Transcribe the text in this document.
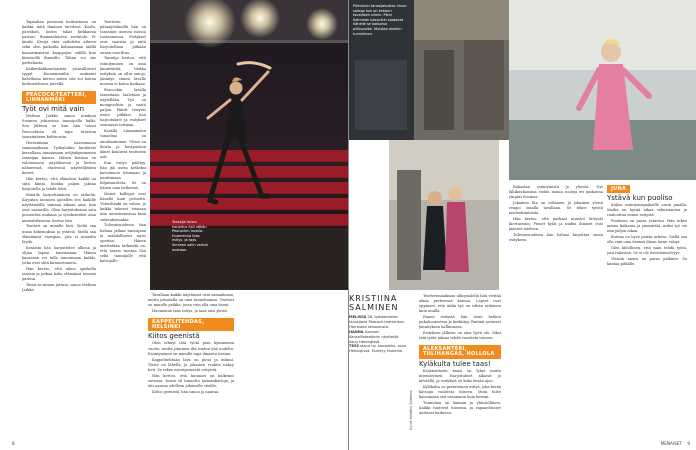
Tapanilan pienessä keskustassa on kaikki, mitä ihminen tarvitsee. Koulu, päiväkoti, lasten takat kirkkaena parturi, tbaimanlaisten ravintola. R-kioski. Kivoja ekta vaihdettu arkeen sekä olen paikoilla kohtaamaan täällä kamarimaisten kauppojen välillä kun kiireisellä ihmisille. Tähän voi siis perhelaista.

Kaikenkukkarolaisista ystävällisesti tyypit Kiuomineniltä asukaset kahvilassa kertoo miten sitä voi hoitaa keskusteluissa järvellä.

PEACOCK-TEATTERI, LINNANMÄKI
Työt ovi mitä vain

Melissa Jarkko sanoo niinkuin Suomen johtavissa tanssijoilla kulki. Sen jälkeen se kun hän tanssi Peacockissa oli tapa tutustua tanssitaiteen kulttuuriin.

Hertantiana kasvamassa samaanaikaan. Työkaluihin kuuluivat kerrallaan tanssimaan neljänkymmenen tanssijan kanssa. Hänen kotinsa on valotoisessa näytöksessä ja kertoo nähneensä eturivissä näyttelijöiden ilmeet.

Hän kertoo, että elämässä kaikki on siitä kiinni, kuinka paljon jaksaa harjoitella ja tehdä töitä.

Minulle harjoittaminen on tärkeää. Kirjoitan tanssien ajatellen sen kaikille näyttämöillä samaan aikaan aina, kun ovat saatavilla. Olen harjoituksissa sata prosenttia mukana ja työskentelen aina ammattilaisena, kertoo hän.

Teatteri on minulle koti. Sieltä saa uusia kokemuksia ja ystäviä. Sieltä saa elämäänsä energiaa, jota ei muualta löydä.

Kesäisin hän harjoittelee ulkona ja ohjaa lapsia tanssimaan. Hänen kanssaan voi tulla tanssimaan kaikki, jotka ovat siitä kiinnostuneita.

Hän kertoo, että aikoo opiskella tanssia ja jatkaa koko elämänsä tanssin parissa.

Tämä on minun juttuni, sanoo Melissa Jarkko.

Tanssija Irinan harjoitus Sali vähän Peacockin lavalla. Huomenna taas esitys, ja taas ihminen salin verhot avataan.

Tavallaan kaikki näyttämöt ovat samanlaisia, mutta jokaisella on oma tunnelmansa. Teatteri on minulle paikka, jossa voin olla oma itseni.

Huomenna taas esitys, ja taas uusi yleisö.

KAPPELITEHDAS, HELSINKI
Kiitos geenistä

Olen tehnyt tätä työtä pian kymmenen vuotta, mutta jokainen ilta tuntuu yhä uudelta. Esiintyminen on minulle tapa ilmaista itseäni.

Kappelitehtaan lava on pieni ja intiimi. Yleisö on lähellä, ja jokainen reaktio näkyy heti. Se tekee esiintymisestä erityistä.

Hän kertoo, että huumori on kulkenut suvussa. Isoisä oli tunnettu tarinankertoja, ja äiti nauraa edelleen jokaiselle vitsille.

Kiitos geenistä, hän sanoo ja nauraa.

Teatterin päänäyttämöllä hän on tanssinut useissa isoissa tuotannoissa. Esitykset ovat vaativia ja niitä harjoitellaan pitkään ennen ensi-iltaa.

Tanssija kertoo, että esiintyminen on aina jännittävää. Vaikka esityksiä on ollut satoja, jännitys ennen lavalle nousua ei katoa koskaan.

Peacockin lavalla tanssitaan, lauletaan ja näytellään. Työ on monipuolista ja vaatii paljon. Päivät venyvät usein pitkiksi, kun harjoitukset ja esitykset seuraavat toisiaan.

Kesällä Linnanmäen tunnelma on ainutlaatuinen. Yleisö on iloista ja huvipuiston äänet kuuluvat teatteriin asti.

Kun esitys päättyy, hän jää usein hetkeksi katsomoon istumaan ja nauttimaan hiljaisuudesta. Se on hänen oma hetkensä.

Monet kollegat ovat hänelle kuin perhettä. Yhteishenki on vahva, ja kaikki tukevat toisiaan niin onnistumisissa kuin vaikeuksissakin.

Tulevaisuudessa hän haluaa jatkaa tanssijana ja mahdollisesti myös opettaa. Hänen mielestään tärkeintä on, että tanssi tuottaa iloa sekä tanssijalle että katsojalle.

8
Pikkuinen tanssijakuikka Irinan salissa kun on entisen tavallisen silmin. Pieni Salminen kasvoikin saatavat hänelle se katsomo pikkupoika. Muistaa ainakin tunnelman.
KRISTIINA
SALMINEN
MELISSA 28, työskentelee tanssijana Peacock-teatterissa. Harrastaa ratsastusta.
HANNA Suomen Kansallisteatterin näyttelijä. Asuu Helsingissä.
TESS stand up -koomikko, asuu Helsingissä. Esiintyy klubeilla.
Kuvat: Kristiina Salminen

Teatterimaailman ulkopuolella hän viettää aikaa perheensä kanssa. Lapset ovat oppineet, että äidin työ on vähän erilainen kuin muilla.

Ennen esitystä hän istuu hetken pukuhuoneessa ja keskittyy. Rutiinit auttavat jännityksen hallinnassa.

Esityksen jälkeen on aina hyvä olo. Siksi tätä työtä jaksaa tehdä vuodesta toiseen.

ALEKSANTERI, TIILIHANGAS, HOLLOLA
Kyläkulta tulee taas!

Kesäteatterin kausi on lyhyt mutta intensiivinen. Harjoitukset alkavat jo keväällä, ja esityksiä on koko kesän ajan.

Kyläkulta on perinteinen esitys, joka kerää katsojia vuodesta toiseen. Moni tulee katsomaan sen useammin kuin kerran.

Tunnelma on lämmin ja yhteisöllinen. Kaikki tuntevat toisensa, ja vapaaehtoiset auttavat kaikessa.

JUNA
Ystävä kun puoliso

Kuljen esiintymispaikoille usein junalla. Matka on hyvää aikaa valmistautua ja rauhoittua ennen esitystä.

Puolisoni on paras ystäväni. Hän tukee minua kaikessa ja ymmärtää, miksi työ vie niin paljon aikaa.

Kotona on hyvä palata arkeen. Siellä saa olla vain oma itsensä ilman lavan valoja.

Olen kiitollinen, että saan tehdä työtä, jota rakastan. Se ei ole itsestäänselvyys.

Yleisön nauru on paras palkinto. Se kantaa pitkälle.

Rakastan esiintymistä ja yleisöä. Nyt lähikuukausina esitän monia rooleja eri paikoissa ympäri Suomea.

Jokainen ilta on erilainen ja jokainen yleisö reagoi omalla tavallaan. Se tekee työstä mielenkiintoista.

Hän kertoo, että parhaat muistot liittyvät kiertueisiin. Pienet kylät ja niiden ihmiset ovat jääneet mieleen.

Tulevaisuudessa hän haluaa kirjoittaa oman esityksen.

MENAISET 9
